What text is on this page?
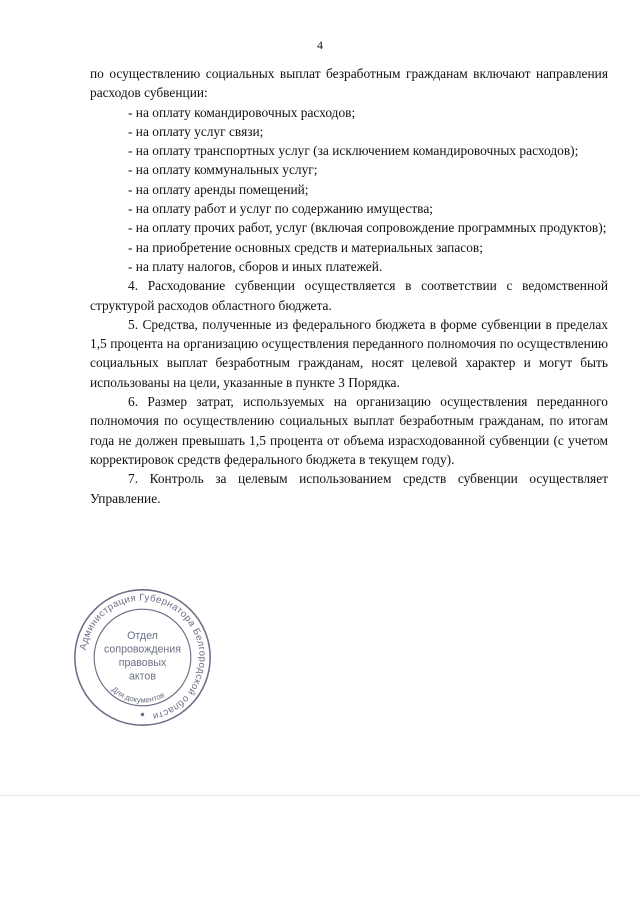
4

по осуществлению социальных выплат безработным гражданам включают направления расходов субвенции:

- на оплату командировочных расходов;

- на оплату услуг связи;

- на оплату транспортных услуг (за исключением командировочных расходов);

- на оплату коммунальных услуг;

- на оплату аренды помещений;

- на оплату работ и услуг по содержанию имущества;

- на оплату прочих работ, услуг (включая сопровождение программных продуктов);

- на приобретение основных средств и материальных запасов;

- на плату налогов, сборов и иных платежей.

4. Расходование субвенции осуществляется в соответствии с ведомственной структурой расходов областного бюджета.

5. Средства, полученные из федерального бюджета в форме субвенции в пределах 1,5 процента на организацию осуществления переданного полномочия по осуществлению социальных выплат безработным гражданам, носят целевой характер и могут быть использованы на цели, указанные в пункте 3 Порядка.

6. Размер затрат, используемых на организацию осуществления переданного полномочия по осуществлению социальных выплат безработным гражданам, по итогам года не должен превышать 1,5 процента от объема израсходованной субвенции (с учетом корректировок средств федерального бюджета в текущем году).

7. Контроль за целевым использованием средств субвенции осуществляет Управление.

Администрация Губернатора Белгородской области
Отдел
сопровождения
правовых
актов
Для документов
